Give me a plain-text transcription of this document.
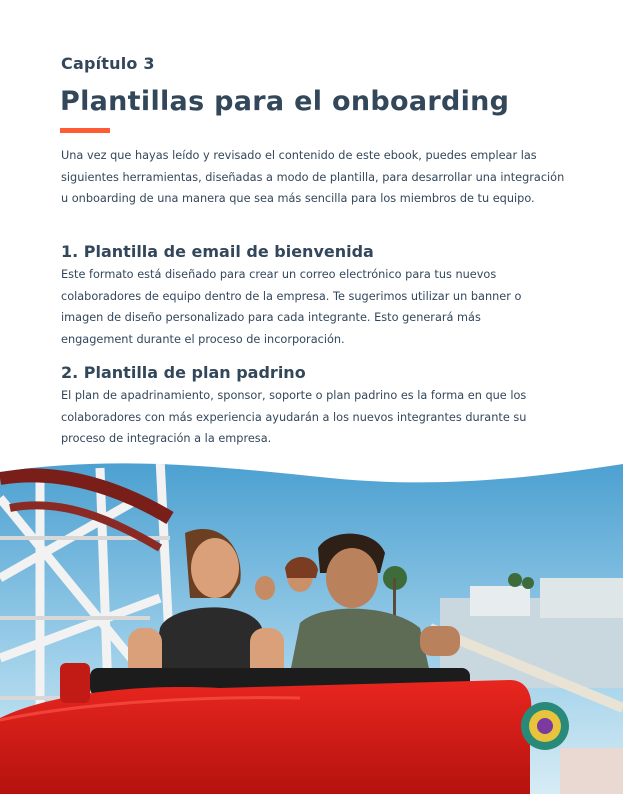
Capítulo 3
Plantillas para el onboarding

Una vez que hayas leído y revisado el contenido de este ebook, puedes emplear las siguientes herramientas, diseñadas a modo de plantilla, para desarrollar una integración u onboarding de una manera que sea más sencilla para los miembros de tu equipo.

1. Plantilla de email de bienvenida

Este formato está diseñado para crear un correo electrónico para tus nuevos colaboradores de equipo dentro de la empresa. Te sugerimos utilizar un banner o imagen de diseño personalizado para cada integrante. Esto generará más engagement durante el proceso de incorporación.

2. Plantilla de plan padrino

El plan de apadrinamiento, sponsor, soporte o plan padrino es la forma en que los colaboradores con más experiencia ayudarán a los nuevos integrantes durante su proceso de integración a la empresa.
